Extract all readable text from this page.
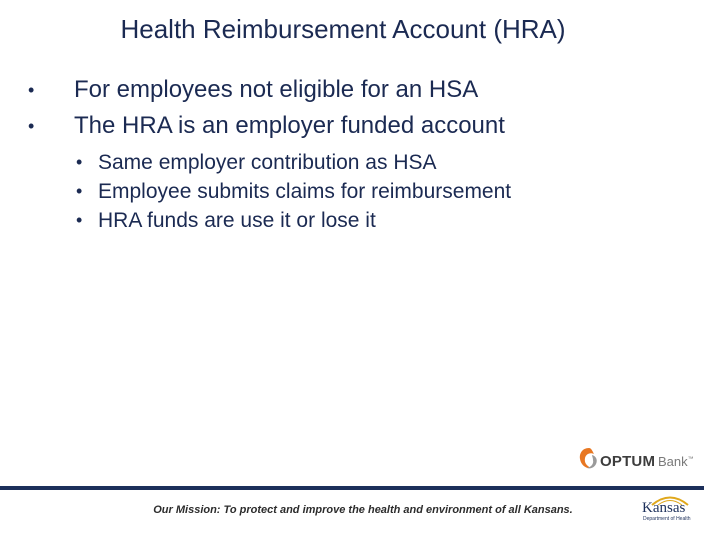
Health Reimbursement Account (HRA)
•	For employees not eligible for an HSA
•	The HRA is an employer funded account
• Same employer contribution as HSA
• Employee submits claims for reimbursement
• HRA funds are use it or lose it
OPTUM Bank™
Our Mission: To protect and improve the health and environment of all Kansans.	Kansas
Department of Health
